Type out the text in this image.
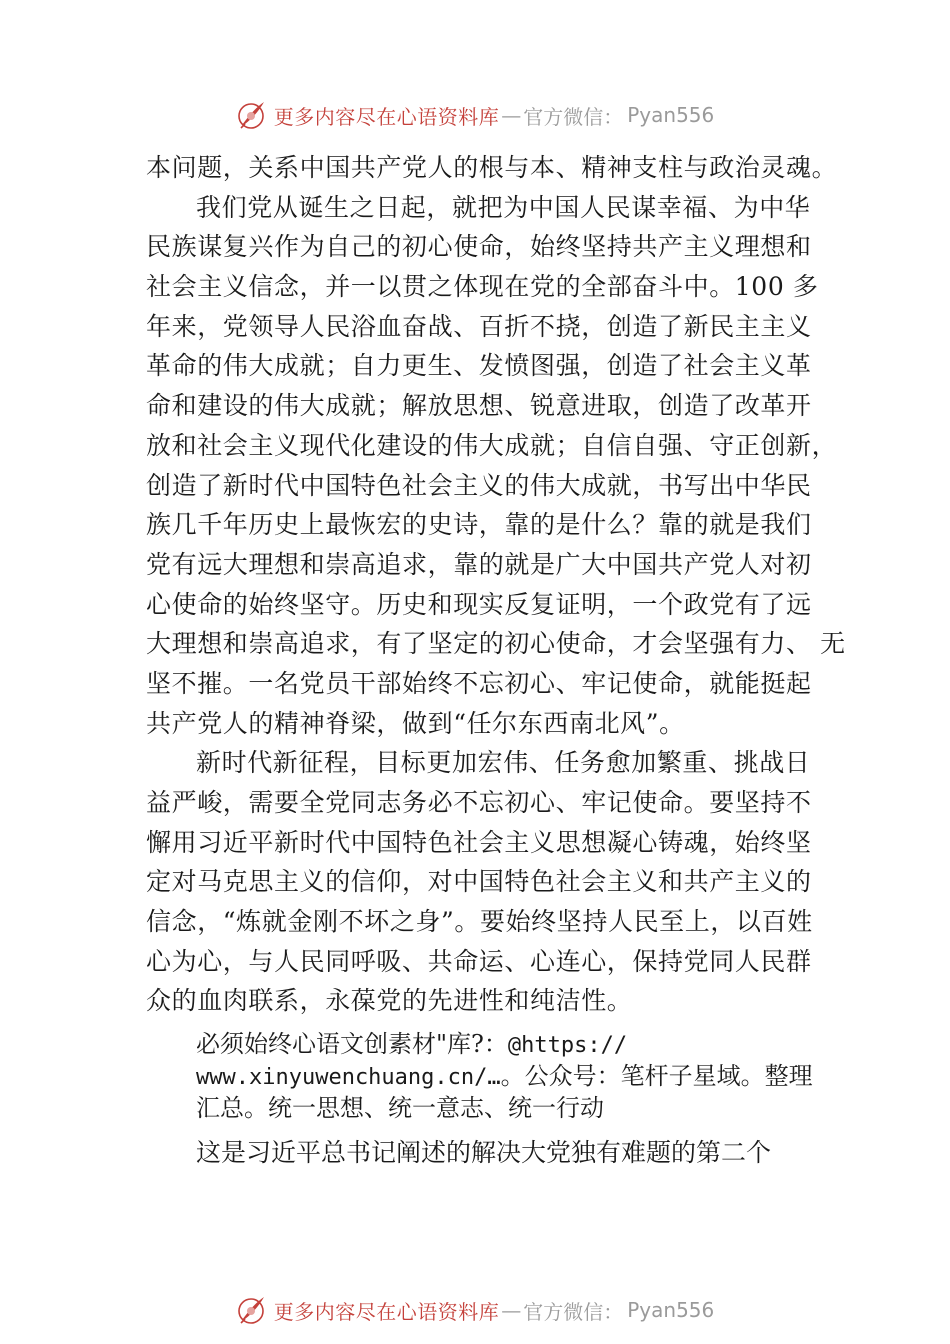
更多内容尽在心语资料库 — 官方微信： Pyan556
本问题，关系中国共产党人的根与本、精神支柱与政治灵魂。
我们党从诞生之日起，就把为中国人民谋幸福、为中华
民族谋复兴作为自己的初心使命，始终坚持共产主义理想和
社会主义信念，并一以贯之体现在党的全部奋斗中。100 多
年来，党领导人民浴血奋战、百折不挠，创造了新民主主义
革命的伟大成就；自力更生、发愤图强，创造了社会主义革
命和建设的伟大成就；解放思想、锐意进取，创造了改革开
放和社会主义现代化建设的伟大成就；自信自强、守正创新，
创造了新时代中国特色社会主义的伟大成就，书写出中华民
族几千年历史上最恢宏的史诗，靠的是什么？靠的就是我们
党有远大理想和崇高追求，靠的就是广大中国共产党人对初
心使命的始终坚守。历史和现实反复证明，一个政党有了远
大理想和崇高追求，有了坚定的初心使命，才会坚强有力、 无
坚不摧。一名党员干部始终不忘初心、牢记使命，就能挺起
共产党人的精神脊梁，做到“任尔东西南北风”。
新时代新征程，目标更加宏伟、任务愈加繁重、挑战日
益严峻，需要全党同志务必不忘初心、牢记使命。要坚持不
懈用习近平新时代中国特色社会主义思想凝心铸魂，始终坚
定对马克思主义的信仰，对中国特色社会主义和共产主义的
信念，“炼就金刚不坏之身”。要始终坚持人民至上，以百姓
心为心，与人民同呼吸、共命运、心连心，保持党同人民群
众的血肉联系，永葆党的先进性和纯洁性。
必须始终心语文创素材"库?：@https://
www.xinyuwenchuang.cn/…。公众号：笔杆子星域。整理
汇总。统一思想、统一意志、统一行动
这是习近平总书记阐述的解决大党独有难题的第二个
更多内容尽在心语资料库 — 官方微信： Pyan556
